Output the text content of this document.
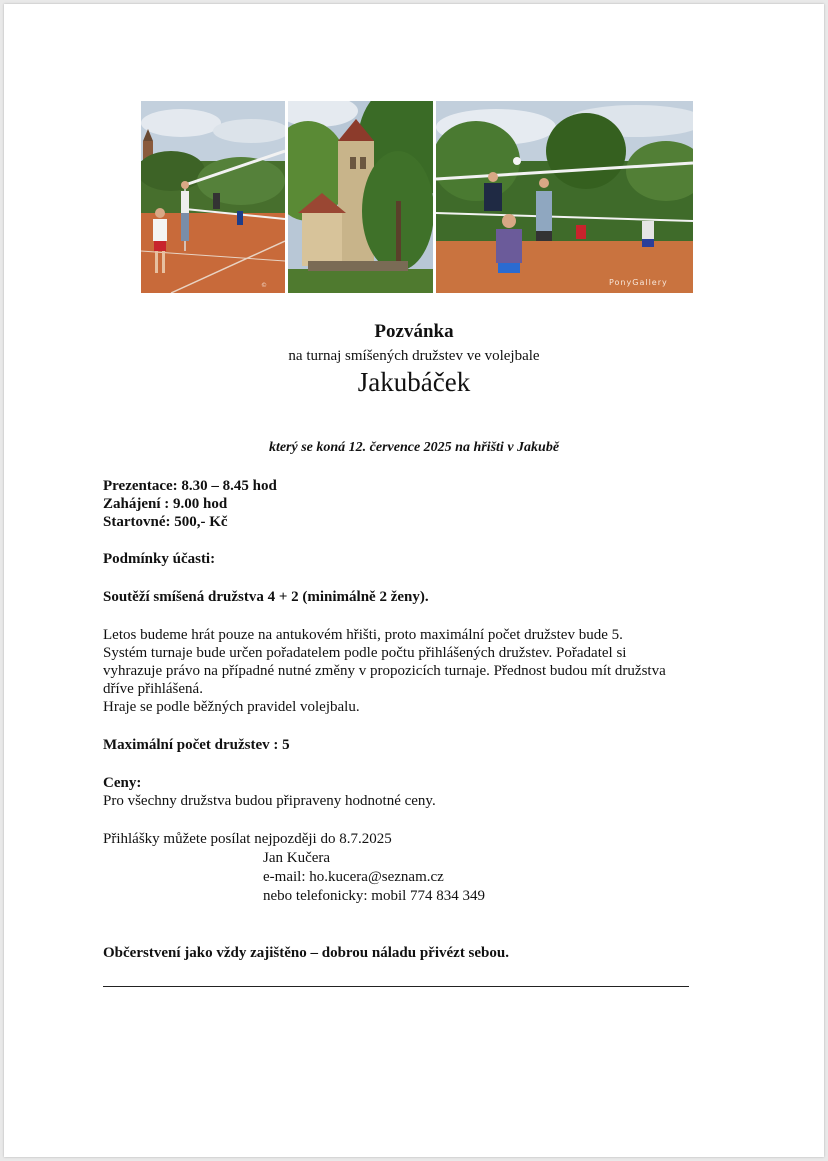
©	PonyGallery
Pozvánka
na turnaj smíšených družstev ve volejbale
Jakubáček
který se koná 12. července 2025 na hřišti v Jakubě
Prezentace: 8.30 – 8.45 hod
Zahájení : 9.00 hod
Startovné: 500,- Kč
Podmínky účasti:
Soutěží smíšená družstva 4 + 2 (minimálně 2 ženy).
Letos budeme hrát pouze na antukovém hřišti, proto maximální počet družstev bude 5.
Systém turnaje bude určen pořadatelem podle počtu přihlášených družstev. Pořadatel si
vyhrazuje právo na případné nutné změny v propozicích turnaje. Přednost budou mít družstva
dříve přihlášená.
Hraje se podle běžných pravidel volejbalu.
Maximální počet družstev : 5
Ceny:
Pro všechny družstva budou připraveny hodnotné ceny.
Přihlášky můžete posílat nejpozději do 8.7.2025
Jan Kučera
e-mail: ho.kucera@seznam.cz
nebo telefonicky: mobil 774 834 349
Občerstvení jako vždy zajištěno – dobrou náladu přivézt sebou.
